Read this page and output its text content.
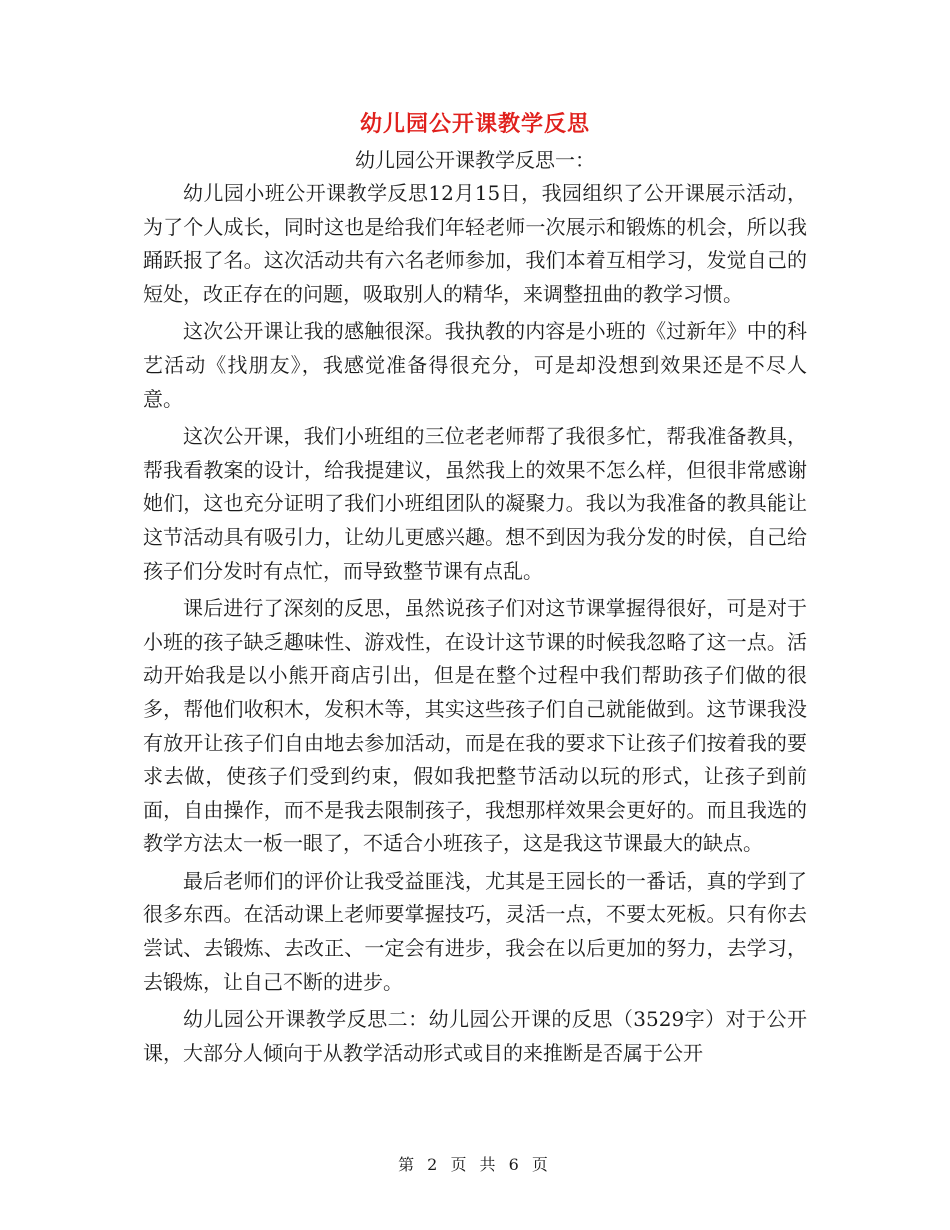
幼儿园公开课教学反思

幼儿园公开课教学反思一：

幼儿园小班公开课教学反思12月15日，我园组织了公开课展示活动，为了个人成长，同时这也是给我们年轻老师一次展示和锻炼的机会，所以我踊跃报了名。这次活动共有六名老师参加，我们本着互相学习，发觉自己的短处，改正存在的问题，吸取别人的精华，来调整扭曲的教学习惯。

这次公开课让我的感触很深。我执教的内容是小班的《过新年》中的科艺活动《找朋友》，我感觉准备得很充分，可是却没想到效果还是不尽人意。

这次公开课，我们小班组的三位老老师帮了我很多忙，帮我准备教具，帮我看教案的设计，给我提建议，虽然我上的效果不怎么样，但很非常感谢她们，这也充分证明了我们小班组团队的凝聚力。我以为我准备的教具能让这节活动具有吸引力，让幼儿更感兴趣。想不到因为我分发的时侯，自己给孩子们分发时有点忙，而导致整节课有点乱。

课后进行了深刻的反思，虽然说孩子们对这节课掌握得很好，可是对于小班的孩子缺乏趣味性、游戏性，在设计这节课的时候我忽略了这一点。活动开始我是以小熊开商店引出，但是在整个过程中我们帮助孩子们做的很多，帮他们收积木，发积木等，其实这些孩子们自己就能做到。这节课我没有放开让孩子们自由地去参加活动，而是在我的要求下让孩子们按着我的要求去做，使孩子们受到约束，假如我把整节活动以玩的形式，让孩子到前面，自由操作，而不是我去限制孩子，我想那样效果会更好的。而且我选的教学方法太一板一眼了，不适合小班孩子，这是我这节课最大的缺点。

最后老师们的评价让我受益匪浅，尤其是王园长的一番话，真的学到了很多东西。在活动课上老师要掌握技巧，灵活一点，不要太死板。只有你去尝试、去锻炼、去改正、一定会有进步，我会在以后更加的努力，去学习，去锻炼，让自己不断的进步。

幼儿园公开课教学反思二：幼儿园公开课的反思（3529字）对于公开课，大部分人倾向于从教学活动形式或目的来推断是否属于公开

第 2 页 共 6 页
